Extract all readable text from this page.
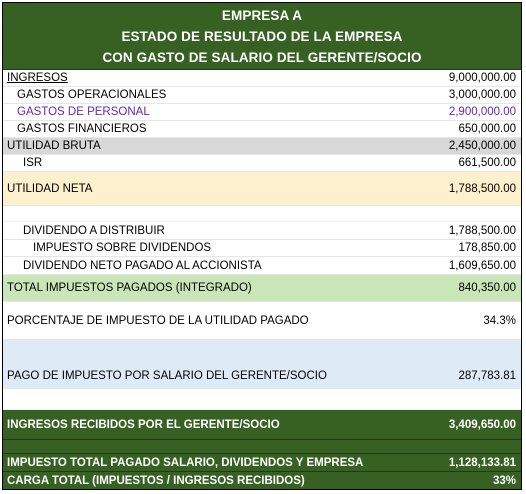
EMPRESA A
ESTADO DE RESULTADO DE LA EMPRESA
CON GASTO DE SALARIO DEL GERENTE/SOCIO
INGRESOS	9,000,000.00
GASTOS OPERACIONALES	3,000,000.00
GASTOS DE PERSONAL	2,900,000.00
GASTOS FINANCIEROS	650,000.00
UTILIDAD BRUTA	2,450,000.00
ISR	661,500.00
UTILIDAD NETA	1,788,500.00
DIVIDENDO A DISTRIBUIR	1,788,500.00
IMPUESTO SOBRE DIVIDENDOS	178,850.00
DIVIDENDO NETO PAGADO AL ACCIONISTA	1,609,650.00
TOTAL IMPUESTOS PAGADOS (INTEGRADO)	840,350.00
PORCENTAJE DE IMPUESTO DE LA UTILIDAD PAGADO	34.3%
PAGO DE IMPUESTO POR SALARIO DEL GERENTE/SOCIO	287,783.81
INGRESOS RECIBIDOS POR EL GERENTE/SOCIO	3,409,650.00
IMPUESTO TOTAL PAGADO SALARIO, DIVIDENDOS Y EMPRESA	1,128,133.81
CARGA TOTAL (IMPUESTOS / INGRESOS RECIBIDOS)	33%
